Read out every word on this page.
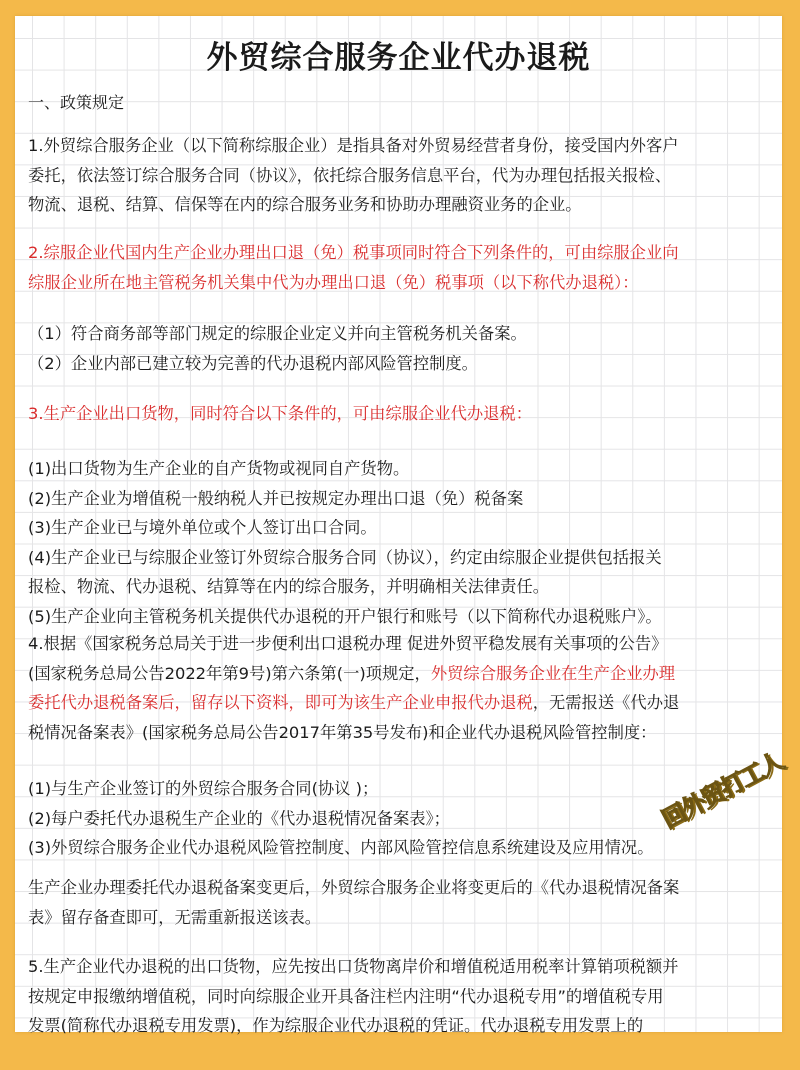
外贸综合服务企业代办退税
一、政策规定
1.外贸综合服务企业（以下简称综服企业）是指具备对外贸易经营者身份，接受国内外客户
委托，依法签订综合服务合同（协议》，依托综合服务信息平台，代为办理包括报关报检、
物流、退税、结算、信保等在内的综合服务业务和协助办理融资业务的企业。
2.综服企业代国内生产企业办理出口退（免）税事项同时符合下列条件的，可由综服企业向
综服企业所在地主管税务机关集中代为办理出口退（免）税事项（以下称代办退税）：
（1）符合商务部等部门规定的综服企业定义并向主管税务机关备案。
（2）企业内部已建立较为完善的代办退税内部风险管控制度。
3.生产企业出口货物，同时符合以下条件的，可由综服企业代办退税：
(1)出口货物为生产企业的自产货物或视同自产货物。
(2)生产企业为增值税一般纳税人并已按规定办理出口退（免）税备案
(3)生产企业已与境外单位或个人签订出口合同。
(4)生产企业已与综服企业签订外贸综合服务合同（协议），约定由综服企业提供包括报关
报检、物流、代办退税、结算等在内的综合服务，并明确相关法律责任。
(5)生产企业向主管税务机关提供代办退税的开户银行和账号（以下简称代办退税账户》。
4.根据《国家税务总局关于进一步便利出口退税办理 促进外贸平稳发展有关事项的公告》
(国家税务总局公告2022年第9号)第六条第(一)项规定，外贸综合服务企业在生产企业办理
委托代办退税备案后，留存以下资料，即可为该生产企业申报代办退税，无需报送《代办退
税情况备案表》(国家税务总局公告2017年第35号发布)和企业代办退税风险管控制度：
(1)与生产企业签订的外贸综合服务合同(协议 )；
(2)每户委托代办退税生产企业的《代办退税情况备案表》；
(3)外贸综合服务企业代办退税风险管控制度、内部风险管控信息系统建设及应用情况。
生产企业办理委托代办退税备案变更后，外贸综合服务企业将变更后的《代办退税情况备案
表》留存备查即可，无需重新报送该表。
5.生产企业代办退税的出口货物，应先按出口货物离岸价和增值税适用税率计算销项税额并
按规定申报缴纳增值税，同时向综服企业开具备注栏内注明“代办退税专用”的增值税专用
发票(简称代办退税专用发票)，作为综服企业代办退税的凭证。代办退税专用发票上的
回外贸打工人
